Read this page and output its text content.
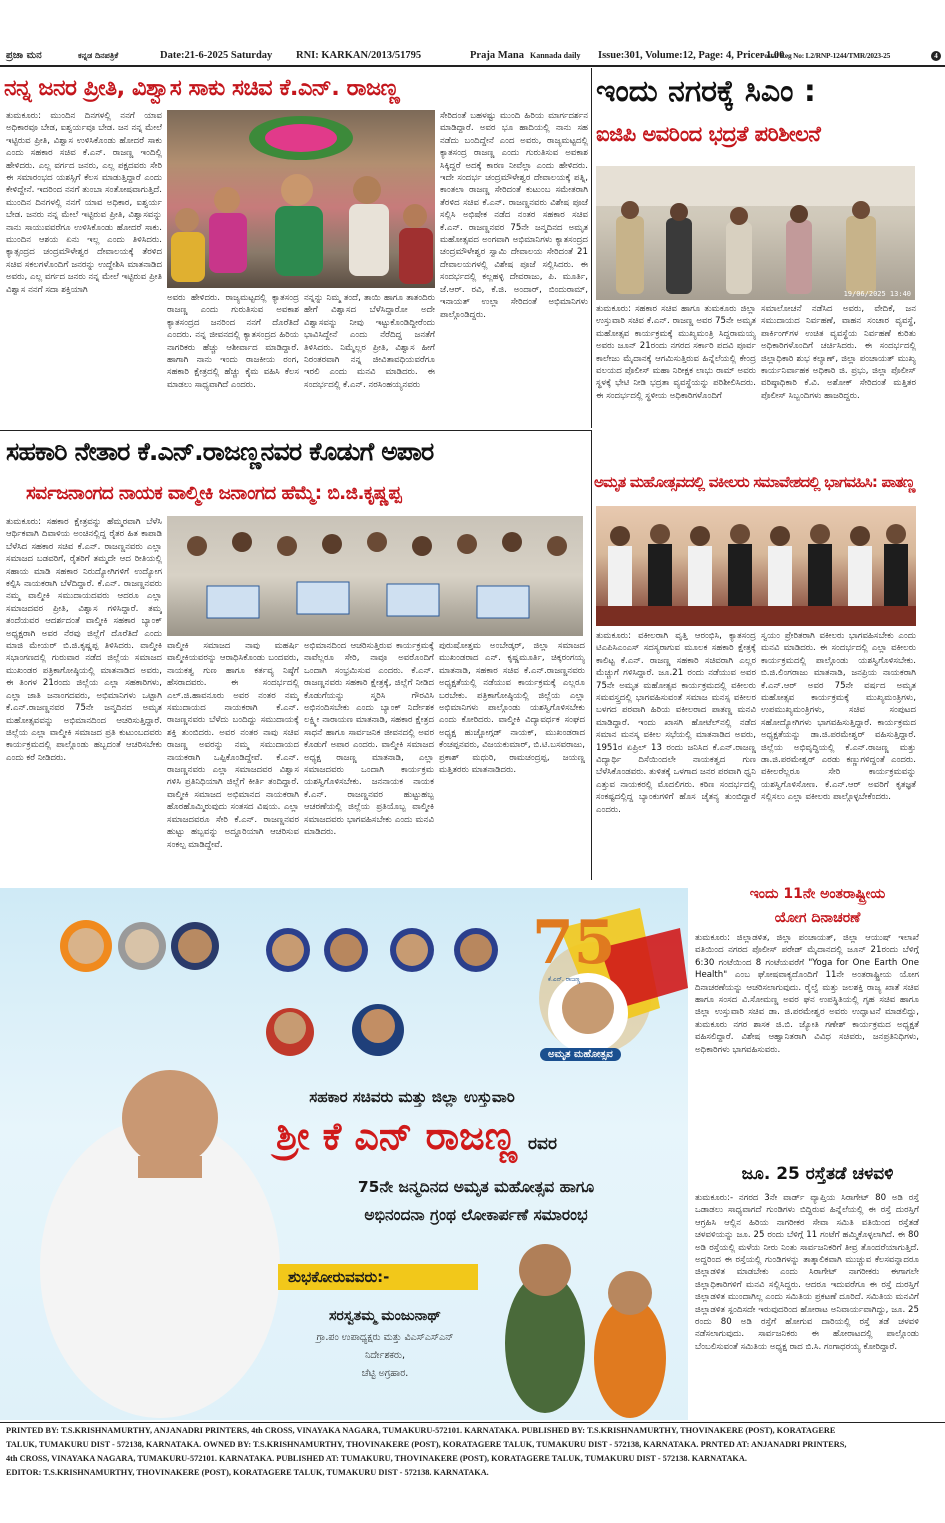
ಪ್ರಜಾ ಮನ	ಕನ್ನಡ ದಿನಪತ್ರಿಕೆ	Date:21-6-2025 Saturday RNI: KARKAN/2013/51795	Praja Mana Kannada daily Issue:301, Volume:12, Page: 4, Price: 1.00
Postal Reg No: L2/RNP-1244/TMR/2023-25	4
ನನ್ನ ಜನರ ಪ್ರೀತಿ, ವಿಶ್ವಾಸ ಸಾಕು ಸಚಿವ ಕೆ.ಎನ್. ರಾಜಣ್ಣ
ತುಮಕೂರು: ಮುಂದಿನ ದಿನಗಳಲ್ಲಿ ನನಗೆ ಯಾವ ಅಧಿಕಾರವೂ ಬೇಡ, ಐಶ್ವರ್ಯವೂ ಬೇಡ. ಜನ ನನ್ನ ಮೇಲೆ ಇಟ್ಟಿರುವ ಪ್ರೀತಿ, ವಿಶ್ವಾಸ ಉಳಿಸಿಕೊಂಡು ಹೋದರೆ ಸಾಕು ಎಂದು ಸಹಕಾರ ಸಚಿವ ಕೆ.ಎನ್. ರಾಜಣ್ಣ ಇಂದಿಲ್ಲಿ ಹೇಳಿದರು. ಎಲ್ಲ ವರ್ಗದ ಜನರು, ಎಲ್ಲ ಪಕ್ಷದವರು ಸೇರಿ ಈ ಸಮಾರಂಭದ ಯಶಸ್ಸಿಗೆ ಕೆಲಸ ಮಾಡುತ್ತಿದ್ದಾರೆ ಎಂದು ಕೇಳಿದ್ದೇನೆ. ಇದರಿಂದ ನನಗೆ ತುಂಬಾ ಸಂತೋಷವಾಗುತ್ತಿದೆ. ಮುಂದಿನ ದಿನಗಳಲ್ಲಿ ನನಗೆ ಯಾವ ಅಧಿಕಾರ, ಐಶ್ವರ್ಯ ಬೇಡ. ಜನರು ನನ್ನ ಮೇಲೆ ಇಟ್ಟಿರುವ ಪ್ರೀತಿ, ವಿಶ್ವಾಸವನ್ನು ನಾನು ಸಾಯುವವರೆಗೂ ಉಳಿಸಿಕೊಂಡು ಹೋದರೆ ಸಾಕು. ಮುಂದಿನ ಆಶಯ ಏನು ಇಲ್ಲ ಎಂದು ತಿಳಿಸಿದರು. ಕ್ಯಾತ್ಸಂದ್ರದ ಚಂದ್ರಮೌಳೇಶ್ವರ ದೇವಾಲಯಕ್ಕೆ ತೆರಳಿದ ಸಚಿವ ಸಕಲಗಳೊಂದಿಗೆ ಜನರನ್ನು ಉದ್ದೇಶಿಸಿ ಮಾತನಾಡಿದ ಅವರು, ಎಲ್ಲ ವರ್ಗದ ಜನರು ನನ್ನ ಮೇಲೆ ಇಟ್ಟಿರುವ ಪ್ರೀತಿ ವಿಶ್ವಾಸ ನನಗೆ ಸದಾ ಶಕ್ತಿಯಾಗಿ
ಅವರು ಹೇಳಿದರು. ರಾಜ್ಯಮಟ್ಟದಲ್ಲಿ ಕ್ಯಾತಸಂದ್ರ ರಾಜಣ್ಣ ಎಂದು ಗುರುತಿಸುವ ಅವಕಾಶ ಕ್ಯಾತಸಂದ್ರದ ಜನರಿಂದ ನನಗೆ ದೊರೆತಿದೆ ಎಂದರು. ನನ್ನ ಜೀವನದಲ್ಲಿ ಕ್ಯಾತಸಂದ್ರದ ಹಿರಿಯ ನಾಗರಿಕರು ಹೆಚ್ಚು ಆಶೀರ್ವಾದ ಮಾಡಿದ್ದಾರೆ. ಹಾಗಾಗಿ ನಾನು ಇಂದು ರಾಜಕೀಯ ರಂಗ, ಸಹಕಾರಿ ಕ್ಷೇತ್ರದಲ್ಲಿ ಹೆಚ್ಚು ಕೈಮ ವಹಿಸಿ ಕೆಲಸ ಮಾಡಲು ಸಾಧ್ಯವಾಗಿದೆ ಎಂದರು.
ನನ್ನನ್ನು ನಿಮ್ಮ ತಂದೆ, ತಾಯಿ ಹಾಗೂ ತಾತಂದಿರು ಹೇಗೆ ವಿಶ್ವಾಸದ ಬೆಳೆಸಿದ್ದಾರೋ ಅದೇ ವಿಶ್ವಾಸವನ್ನು ನೀವು ಇಟ್ಟುಕೊಂಡಿದ್ದೀರೆಂದು ಭಾವಿಸಿದ್ದೇನೆ ಎಂದು ನೆರೆದಿದ್ದ ಜನತೆಗೆ ತಿಳಿಸಿದರು. ನಿಮ್ಮೆಲ್ಲರ ಪ್ರೀತಿ, ವಿಶ್ವಾಸ ಹೀಗೆ ನಿರಂತರವಾಗಿ ನನ್ನ ಜೀವಿತಾವಧಿಯವರೆಗೂ ಇರಲಿ ಎಂದು ಮನವಿ ಮಾಡಿದರು. ಈ ಸಂದರ್ಭದಲ್ಲಿ ಕೆ.ಎನ್. ನರಸಿಂಹಯ್ಯನವರು
ಸೇರಿದಂತೆ ಬಹಳಷ್ಟು ಮುಂದಿ ಹಿರಿಯ ಮಾರ್ಗದರ್ಶನ ಮಾಡಿದ್ದಾರೆ. ಅವರ ಭೂ ಹಾದಿಯಲ್ಲಿ ನಾನು ಸಹ ನಡೆದು ಬಂದಿದ್ದೇನೆ ಎಂದ ಅವರು, ರಾಜ್ಯಮಟ್ಟದಲ್ಲಿ ಕ್ಯಾತಸಂದ್ರ ರಾಜಣ್ಣ ಎಂದು ಗುರುತಿಸುವ ಅವಕಾಶ ಸಿಕ್ಕಿದ್ದರೆ ಅದಕ್ಕೆ ಕಾರಣ ನೀವೆಲ್ಲಾ ಎಂದು ಹೇಳಿದರು. ಇದೇ ಸಂದರ್ಭ ಚಂದ್ರಮೌಳೇಶ್ವರ ದೇವಾಲಯಕ್ಕೆ ಪತ್ನಿ, ಕಾಂತಲಾ ರಾಜಣ್ಣ ಸೇರಿದಂತೆ ಕುಟುಂಬ ಸಮೇತರಾಗಿ ತೆರಳಿದ ಸಚಿವ ಕೆ.ಎನ್. ರಾಜಣ್ಣನವರು ವಿಶೇಷ ಪೂಜೆ ಸಲ್ಲಿಸಿ ಅಭಿಷೇಕ ನಡೆದ ನಂತರ ಸಹಕಾರ ಸಚಿವ ಕೆ.ಎನ್. ರಾಜಣ್ಣನವರ 75ನೇ ಜನ್ಮದಿನದ ಅಮೃತ ಮಹೋತ್ಸವದ ಅಂಗವಾಗಿ ಅಭಿಮಾನಿಗಳು ಕ್ಯಾತಸಂದ್ರದ ಚಂದ್ರಮೌಳೇಶ್ವರ ಸ್ವಾಮಿ ದೇವಾಲಯ ಸೇರಿದಂತೆ 21 ದೇವಾಲಯಗಳಲ್ಲಿ ವಿಶೇಷ ಪೂಜೆ ಸಲ್ಲಿಸಿದರು. ಈ ಸಂದರ್ಭದಲ್ಲಿ ಕಲ್ಲಹಳ್ಳಿ ದೇವರಾಜು, ಪಿ. ಮೂರ್ತಿ, ಜೆ.ಆರ್. ರವಿ, ಕೆ.ಜಿ. ಅಂದಾರ್, ಬಿಂದುರಾಮ್, ಇನಾಯತ್ ಉಲ್ಲಾ ಸೇರಿದಂತೆ ಅಭಿಮಾನಿಗಳು ಪಾಲ್ಗೊಂಡಿದ್ದರು.
ಇಂದು ನಗರಕ್ಕೆ ಸಿಎಂ :
ಐಜಿಪಿ ಅವರಿಂದ ಭದ್ರತೆ ಪರಿಶೀಲನೆ
19/06/2025 13:40
ತುಮಕೂರು: ಸಹಕಾರ ಸಚಿವ ಹಾಗೂ ತುಮಕೂರು ಜಿಲ್ಲಾ ಉಸ್ತುವಾರಿ ಸಚಿವ ಕೆ.ಎನ್. ರಾಜಣ್ಣ ಅವರ 75ನೇ ಅಮೃತ ಮಹೋತ್ಸವ ಕಾರ್ಯಕ್ರಮಕ್ಕೆ ಮುಖ್ಯಮಂತ್ರಿ ಸಿದ್ದರಾಮಯ್ಯ ಅವರು ಜೂನ್ 21ರಂದು ನಗರದ ಸರ್ಕಾರಿ ಪದವಿ ಪೂರ್ವ ಕಾಲೇಜು ಮೈದಾನಕ್ಕೆ ಆಗಮಿಸುತ್ತಿರುವ ಹಿನ್ನೆಲೆಯಲ್ಲಿ ಕೇಂದ್ರ ವಲಯದ ಪೊಲೀಸ್ ಮಹಾ ನಿರೀಕ್ಷಕ ಲಾಭು ರಾಮ್ ಅವರು ಸ್ಥಳಕ್ಕೆ ಭೇಟಿ ನೀಡಿ ಭದ್ರತಾ ವ್ಯವಸ್ಥೆಯನ್ನು ಪರಿಶೀಲಿಸಿದರು. ಈ ಸಂದರ್ಭದಲ್ಲಿ ಸ್ಥಳೀಯ ಅಧಿಕಾರಿಗಳೊಂದಿಗೆ
ಸಮಾಲೋಚನೆ ನಡೆಸಿದ ಅವರು, ವೇದಿಕೆ, ಜನ ಸಮುದಾಯದ ನಿರ್ವಹಣೆ, ವಾಹನ ಸಂಚಾರ ವ್ಯವಸ್ಥೆ, ಪಾರ್ಕಿಂಗ್‌ಗಳ ಉಚಿತ ವ್ಯವಸ್ಥೆಯ ನಿರ್ವಹಣೆ ಕುರಿತು ಅಧಿಕಾರಿಗಳೊಂದಿಗೆ ಚರ್ಚಿಸಿದರು. ಈ ಸಂದರ್ಭದಲ್ಲಿ ಜಿಲ್ಲಾಧಿಕಾರಿ ಶುಭ ಕಲ್ಯಾಣ್, ಜಿಲ್ಲಾ ಪಂಚಾಯತ್ ಮುಖ್ಯ ಕಾರ್ಯನಿರ್ವಾಹಕ ಅಧಿಕಾರಿ ಜಿ. ಪ್ರಭು, ಜಿಲ್ಲಾ ಪೊಲೀಸ್ ವರಿಷ್ಠಾಧಿಕಾರಿ ಕೆ.ವಿ. ಅಶೋಕ್ ಸೇರಿದಂತೆ ಮತ್ತಿತರ ಪೊಲೀಸ್ ಸಿಬ್ಬಂದಿಗಳು ಹಾಜರಿದ್ದರು.
ಸಹಕಾರಿ ನೇತಾರ ಕೆ.ಎನ್.ರಾಜಣ್ಣನವರ ಕೊಡುಗೆ ಅಪಾರ
ಸರ್ವಜನಾಂಗದ ನಾಯಕ ವಾಲ್ಮೀಕಿ ಜನಾಂಗದ ಹೆಮ್ಮೆ: ಬಿ.ಜಿ.ಕೃಷ್ಣಪ್ಪ
ತುಮಕೂರು: ಸಹಕಾರ ಕ್ಷೇತ್ರವನ್ನು ಹೆಮ್ಮರವಾಗಿ ಬೆಳೆಸಿ ಆರ್ಥಿಕವಾಗಿ ದಿವಾಳಿಯ ಅಂಚಿನಲ್ಲಿದ್ದ ರೈತರ ಹಿತ ಕಾಪಾಡಿ ಬೆಳೆಸಿದ ಸಹಕಾರ ಸಚಿವ ಕೆ.ಎನ್. ರಾಜಣ್ಣನವರು ಎಲ್ಲಾ ಸಮಾಜದ ಬಡವರಿಗೆ, ರೈತರಿಗೆ ತಮ್ಮದೇ ಆದ ರೀತಿಯಲ್ಲಿ ಸಹಾಯ ಮಾಡಿ ಸಹಕಾರ ನಿರುದ್ಯೋಗಿಗಳಿಗೆ ಉದ್ಯೋಗ ಕಲ್ಪಿಸಿ ನಾಯಕರಾಗಿ ಬೆಳೆದಿದ್ದಾರೆ. ಕೆ.ಎನ್. ರಾಜಣ್ಣನವರು ನಮ್ಮ ವಾಲ್ಮೀಕಿ ಸಮುದಾಯದವರು ಆದರೂ ಎಲ್ಲಾ ಸಮಾಜದವರ ಪ್ರೀತಿ, ವಿಶ್ವಾಸ ಗಳಿಸಿದ್ದಾರೆ. ತಮ್ಮ ತಂದೆಯವರ ಆದರ್ಶದಂತೆ ವಾಲ್ಮೀಕಿ ಸಹಕಾರ ಬ್ಯಾಂಕ್ ಅಧ್ಯಕ್ಷರಾಗಿ ಅವರ ನೆರವು ಜಿಲ್ಲೆಗೆ ದೊರೆತಿದೆ ಎಂದು ಮಾಜಿ ಮೇಯರ್ ಬಿ.ಜಿ.ಕೃಷ್ಣಪ್ಪ ತಿಳಿಸಿದರು. ವಾಲ್ಮೀಕಿ ಸಭಾಂಗಣದಲ್ಲಿ ಗುರುವಾರ ನಡೆದ ಜಿಲ್ಲೆಯ ಸಮಾಜದ ಮುಖಂಡರ ಪತ್ರಿಕಾಗೋಷ್ಠಿಯಲ್ಲಿ ಮಾತನಾಡಿದ ಅವರು, ಈ ತಿಂಗಳ 21ರಂದು ಜಿಲ್ಲೆಯ ಎಲ್ಲಾ ಸಹಕಾರಿಗಳು, ಎಲ್ಲಾ ಜಾತಿ ಜನಾಂಗದವರು, ಅಭಿಮಾನಿಗಳು ಒಟ್ಟಾಗಿ ಕೆ.ಎನ್.ರಾಜಣ್ಣನವರ 75ನೇ ಜನ್ಮದಿನದ ಅಮೃತ ಮಹೋತ್ಸವವನ್ನು ಅಭಿಮಾನದಿಂದ ಆಚರಿಸುತ್ತಿದ್ದಾರೆ. ಜಿಲ್ಲೆಯ ಎಲ್ಲಾ ವಾಲ್ಮೀಕಿ ಸಮಾಜದ ಪ್ರತಿ ಕುಟುಂಬದವರು ಕಾರ್ಯಕ್ರಮದಲ್ಲಿ ಪಾಲ್ಗೊಂಡು ಹಬ್ಬದಂತೆ ಆಚರಿಸಬೇಕು ಎಂದು ಕರೆ ನೀಡಿದರು.
ವಾಲ್ಮೀಕಿ ಸಮಾಜದ ನಾವು ಮಹರ್ಷಿ ವಾಲ್ಮೀಕಿಯವರನ್ನು ಆರಾಧಿಸಿಕೊಂಡು ಬಂದವರು, ನಾಯಕತ್ವ ಗುಣ ಹಾಗೂ ಕರ್ತವ್ಯ ನಿಷ್ಠೆಗೆ ಹೆಸರಾದವರು. ಈ ಸಂದರ್ಭದಲ್ಲಿ ಎಲ್.ಜಿ.ಹಾವನೂರು ಅವರ ನಂತರ ನಮ್ಮ ಸಮುದಾಯದ ನಾಯಕರಾಗಿ ಕೆ.ಎನ್. ರಾಜಣ್ಣನವರು ಬೆಳೆದು ಬಂದಿದ್ದು ಸಮುದಾಯಕ್ಕೆ ಶಕ್ತಿ ತುಂಬಿದರು. ಅವರ ನಂತರ ನಾವು ಸಚಿವ ರಾಜಣ್ಣ ಅವರನ್ನು ನಮ್ಮ ಸಮುದಾಯದ ನಾಯಕರಾಗಿ ಒಪ್ಪಿಕೊಂಡಿದ್ದೇವೆ. ಕೆ.ಎನ್. ರಾಜಣ್ಣನವರು ಎಲ್ಲಾ ಸಮಾಜದವರ ವಿಶ್ವಾಸ ಗಳಿಸಿ ಪ್ರತಿನಿಧಿಯಾಗಿ ಜಿಲ್ಲೆಗೆ ಕೀರ್ತಿ ತಂದಿದ್ದಾರೆ. ವಾಲ್ಮೀಕಿ ಸಮಾಜದ ಅಭಿಮಾನದ ನಾಯಕರಾಗಿ ಹೊರಹೊಮ್ಮಿರುವುದು ಸಂತಸದ ವಿಷಯ. ಎಲ್ಲಾ ಸಮಾಜದವರೂ ಸೇರಿ ಕೆ.ಎನ್. ರಾಜಣ್ಣನವರ ಹುಟ್ಟು ಹಬ್ಬವನ್ನು ಅದ್ದೂರಿಯಾಗಿ ಆಚರಿಸುವ ಸಂಕಲ್ಪ ಮಾಡಿದ್ದೇವೆ.
ಅಭಿಮಾನದಿಂದ ಆಚರಿಸುತ್ತಿರುವ ಕಾರ್ಯಕ್ರಮಕ್ಕೆ ನಾವೆಲ್ಲರೂ ಸೇರಿ, ನಾವೂ ಅವರೊಂದಿಗೆ ಒಂದಾಗಿ ಸಂಭ್ರಮಿಸುವ ಎಂದರು. ಕೆ.ಎನ್. ರಾಜಣ್ಣನವರು ಸಹಕಾರಿ ಕ್ಷೇತ್ರಕ್ಕೆ, ಜಿಲ್ಲೆಗೆ ನೀಡಿದ ಕೊಡುಗೆಯನ್ನು ಸ್ಮರಿಸಿ ಗೌರವಿಸಿ ಅಭಿನಂದಿಸಬೇಕು ಎಂದು ಬ್ಯಾಂಕ್ ನಿರ್ದೇಶಕ ಲಕ್ಷ್ಮೀ ನಾರಾಯಣ ಮಾತನಾಡಿ, ಸಹಕಾರ ಕ್ಷೇತ್ರದ ಸಾಧನೆ ಹಾಗೂ ಸಾರ್ವಜನಿಕ ಜೀವನದಲ್ಲಿ ಅವರ ಕೊಡುಗೆ ಅಪಾರ ಎಂದರು. ವಾಲ್ಮೀಕಿ ಸಮಾಜದ ಅಧ್ಯಕ್ಷ ರಾಜಣ್ಣ ಮಾತನಾಡಿ, ಎಲ್ಲಾ ಸಮಾಜದವರು ಒಂದಾಗಿ ಕಾರ್ಯಕ್ರಮ ಯಶಸ್ವಿಗೊಳಿಸಬೇಕು. ಜನನಾಯಕ ನಾಯಕ ಕೆ.ಎನ್. ರಾಜಣ್ಣನವರ ಹುಟ್ಟುಹಬ್ಬ ಆಚರಣೆಯಲ್ಲಿ ಜಿಲ್ಲೆಯ ಪ್ರತಿಯೊಬ್ಬ ವಾಲ್ಮೀಕಿ ಸಮಾಜದವರು ಭಾಗವಹಿಸಬೇಕು ಎಂದು ಮನವಿ ಮಾಡಿದರು.
ಪುರುಷೋತ್ತಮ ಅಂಬೇಡ್ಕರ್, ಜಿಲ್ಲಾ ಸಮಾಜದ ಮುಖಂಡರಾದ ಎನ್. ಕೃಷ್ಣಮೂರ್ತಿ, ಚಿಕ್ಕರಂಗಯ್ಯ ಮಾತನಾಡಿ, ಸಹಕಾರ ಸಚಿವ ಕೆ.ಎನ್.ರಾಜಣ್ಣನವರು ಅಧ್ಯಕ್ಷತೆಯಲ್ಲಿ ನಡೆಯುವ ಕಾರ್ಯಕ್ರಮಕ್ಕೆ ಎಲ್ಲರೂ ಬರಬೇಕು. ಪತ್ರಿಕಾಗೋಷ್ಠಿಯಲ್ಲಿ ಜಿಲ್ಲೆಯ ಎಲ್ಲಾ ಅಭಿಮಾನಿಗಳು ಪಾಲ್ಗೊಂಡು ಯಶಸ್ವಿಗೊಳಿಸಬೇಕು ಎಂದು ಕೋರಿದರು. ವಾಲ್ಮೀಕಿ ವಿದ್ಯಾವರ್ಧಕ ಸಂಘದ ಅಧ್ಯಕ್ಷ ಹುಚ್ಚೋಗ್ಗಡ್ ನಾಯಕ್, ಮುಖಂಡರಾದ ಕೆಂಚಪ್ಪನವರು, ವಿಜಯಕುಮಾರ್, ಬಿ.ಟಿ.ಬಸವರಾಜು, ಪ್ರಕಾಶ್ ಮಧುರಿ, ರಾಮಚಂದ್ರಪ್ಪ, ಜಯಣ್ಣ ಮತ್ತಿತರರು ಮಾತನಾಡಿದರು.
ಅಮೃತ ಮಹೋತ್ಸವದಲ್ಲಿ ವಕೀಲರು ಸಮಾವೇಶದಲ್ಲಿ ಭಾಗವಹಿಸಿ: ಪಾತಣ್ಣ
ತುಮಕೂರು: ವಕೀಲರಾಗಿ ವೃತ್ತಿ ಆರಂಭಿಸಿ, ಕ್ಯಾತಸಂದ್ರ ಟಿಎಪಿಸಿಎಂಎಸ್ ಸದಸ್ಯರಾಗುವ ಮೂಲಕ ಸಹಕಾರಿ ಕ್ಷೇತ್ರಕ್ಕೆ ಕಾಲಿಟ್ಟ ಕೆ.ಎನ್. ರಾಜಣ್ಣ ಸಹಕಾರಿ ಸಚಿವರಾಗಿ ಎಲ್ಲರ ಮೆಚ್ಚುಗೆ ಗಳಿಸಿದ್ದಾರೆ. ಜೂ.21 ರಂದು ನಡೆಯುವ ಅವರ 75ನೇ ಅಮೃತ ಮಹೋತ್ಸವ ಕಾರ್ಯಕ್ರಮದಲ್ಲಿ ವಕೀಲರು ಸಮವಸ್ತ್ರದಲ್ಲಿ ಭಾಗವಹಿಸುವಂತೆ ಸಮಾಜ ಮನಸ್ಸ ವಕೀಲರ ಬಳಗದ ಪರವಾಗಿ ಹಿರಿಯ ವಕೀಲರಾದ ಪಾತಣ್ಣ ಮನವಿ ಮಾಡಿದ್ದಾರೆ. ಇಂದು ಖಾಸಗಿ ಹೋಟೆಲ್‌ನಲ್ಲಿ ನಡೆದ ಸಮಾನ ಮನಸ್ಕ ವಕೀಲ ಸಭೆಯಲ್ಲಿ ಮಾತನಾಡಿದ ಅವರು, 1951ರ ಏಪ್ರಿಲ್ 13 ರಂದು ಜನಿಸಿದ ಕೆ.ಎನ್.ರಾಜಣ್ಣ ವಿದ್ಯಾರ್ಥಿ ದಿಸೆಯಿಂದಲೇ ನಾಯಕತ್ವದ ಗುಣ ಬೆಳೆಸಿಕೊಂಡವರು. ತುಳಿತಕ್ಕೆ ಒಳಗಾದ ಜನರ ಪರವಾಗಿ ಧ್ವನಿ ಎತ್ತುವ ನಾಯಕರಲ್ಲಿ ಮೊದಲಿಗರು. ಕಠಿಣ ಸಂದರ್ಭದಲ್ಲಿ ಸಂಕಷ್ಟದಲ್ಲಿದ್ದ ಬ್ಯಾಂಕುಗಳಿಗೆ ಹೊಸ ಚೈತನ್ಯ ತುಂಬಿದ್ದಾರೆ ಎಂದರು.
ಸ್ವಯಂ ಪ್ರೇರಿತರಾಗಿ ವಕೀಲರು ಭಾಗವಹಿಸಬೇಕು ಎಂದು ಮನವಿ ಮಾಡಿದರು. ಈ ಸಂದರ್ಭದಲ್ಲಿ ಎಲ್ಲಾ ವಕೀಲರು ಕಾರ್ಯಕ್ರಮದಲ್ಲಿ ಪಾಲ್ಗೊಂಡು ಯಶಸ್ವಿಗೊಳಿಸಬೇಕು. ಬಿ.ಜಿ.ಲಿಂಗರಾಜು ಮಾತನಾಡಿ, ಜನಪ್ರಿಯ ನಾಯಕರಾಗಿ ಕೆ.ಎನ್.ಆರ್ ಅವರ 75ನೇ ವರ್ಷದ ಅಮೃತ ಮಹೋತ್ಸವ ಕಾರ್ಯಕ್ರಮಕ್ಕೆ ಮುಖ್ಯಮಂತ್ರಿಗಳು, ಉಪಮುಖ್ಯಮಂತ್ರಿಗಳು, ಸಚಿವ ಸಂಪುಟದ ಸಹೋದ್ಯೋಗಿಗಳು ಭಾಗವಹಿಸುತ್ತಿದ್ದಾರೆ. ಕಾರ್ಯಕ್ರಮದ ಅಧ್ಯಕ್ಷತೆಯನ್ನು ಡಾ.ಜಿ.ಪರಮೇಶ್ವರ್ ವಹಿಸುತ್ತಿದ್ದಾರೆ. ಜಿಲ್ಲೆಯ ಅಭಿವೃದ್ಧಿಯಲ್ಲಿ ಕೆ.ಎನ್.ರಾಜಣ್ಣ ಮತ್ತು ಡಾ.ಜಿ.ಪರಮೇಶ್ವರ್ ಎರಡು ಕಣ್ಣುಗಳಿದ್ದಂತೆ ಎಂದರು. ವಕೀಲರೆಲ್ಲರೂ ಸೇರಿ ಕಾರ್ಯಕ್ರಮವನ್ನು ಯಶಸ್ವಿಗೊಳಿಸೋಣ. ಕೆ.ಎನ್.ಆರ್ ಅವರಿಗೆ ಕೃತಜ್ಞತೆ ಸಲ್ಲಿಸಲು ಎಲ್ಲಾ ವಕೀಲರು ಪಾಲ್ಗೊಳ್ಳಬೇಕೆಂದರು.
75
ಕೆ.ಎನ್. ರಾಜಣ್ಣ
ಅಮೃತ ಮಹೋತ್ಸವ
ಸಹಕಾರ ಸಚಿವರು ಮತ್ತು ಜಿಲ್ಲಾ ಉಸ್ತುವಾರಿ
ಶ್ರೀ ಕೆ ಎನ್ ರಾಜಣ್ಣ ರವರ
75ನೇ ಜನ್ಮದಿನದ ಅಮೃತ ಮಹೋತ್ಸವ ಹಾಗೂ
ಅಭಿನಂದನಾ ಗ್ರಂಥ ಲೋಕಾರ್ಪಣೆ ಸಮಾರಂಭ
ಶುಭಕೋರುವವರು:-
ಸರಸ್ವತಮ್ಮ ಮಂಜುನಾಥ್
ಗ್ರಾ.ಪಂ ಉಪಾಧ್ಯಕ್ಷರು ಮತ್ತು ವಿಎಸ್ಎಸ್ಎನ್
ನಿರ್ದೇಶಕರು,
ಚೆಟ್ಟಿ ಅಗ್ರಹಾರ.
ಇಂದು 11ನೇ ಅಂತರಾಷ್ಟ್ರೀಯ
ಯೋಗ ದಿನಾಚರಣೆ
ತುಮಕೂರು: ಜಿಲ್ಲಾಡಳಿತ, ಜಿಲ್ಲಾ ಪಂಚಾಯತ್, ಜಿಲ್ಲಾ ಆಯುಷ್ ಇಲಾಖೆ ವತಿಯಿಂದ ನಗರದ ಪೊಲೀಸ್ ಪರೇಡ್ ಮೈದಾನದಲ್ಲಿ ಜೂನ್ 21ರಂದು ಬೆಳಿಗ್ಗೆ 6:30 ಗಂಟೆಯಿಂದ 8 ಗಂಟೆಯವರೆಗೆ "Yoga for One Earth One Health" ಎಂಬ ಘೋಷವಾಕ್ಯದೊಂದಿಗೆ 11ನೇ ಅಂತರಾಷ್ಟ್ರೀಯ ಯೋಗ ದಿನಾಚರಣೆಯನ್ನು ಆಚರಿಸಲಾಗುವುದು. ರೈಲ್ವೆ ಮತ್ತು ಜಲಶಕ್ತಿ ರಾಜ್ಯ ಖಾತೆ ಸಚಿವ ಹಾಗೂ ಸಂಸದ ವಿ.ಸೋಮಣ್ಣ ಅವರ ಘನ ಉಪಸ್ಥಿತಿಯಲ್ಲಿ ಗೃಹ ಸಚಿವ ಹಾಗೂ ಜಿಲ್ಲಾ ಉಸ್ತುವಾರಿ ಸಚಿವ ಡಾ. ಜಿ.ಪರಮೇಶ್ವರ ಅವರು ಉದ್ಘಾಟನೆ ಮಾಡಲಿದ್ದು, ತುಮಕೂರು ನಗರ ಶಾಸಕ ಜಿ.ಬಿ. ಜ್ಯೋತಿ ಗಣೇಶ್ ಕಾರ್ಯಕ್ರಮದ ಅಧ್ಯಕ್ಷತೆ ವಹಿಸಲಿದ್ದಾರೆ. ವಿಶೇಷ ಆಹ್ವಾನಿತರಾಗಿ ವಿವಿಧ ಸಚಿವರು, ಜನಪ್ರತಿನಿಧಿಗಳು, ಅಧಿಕಾರಿಗಳು ಭಾಗವಹಿಸುವರು.
ಜೂ. 25 ರಸ್ತೆತಡೆ ಚಳವಳಿ
ತುಮಕೂರು:- ನಗರದ 3ನೇ ವಾರ್ಡ್ ವ್ಯಾಪ್ತಿಯ ಸಿರಾಗೇಟ್ 80 ಅಡಿ ರಸ್ತೆ ಒಡಾಡಲು ಸಾಧ್ಯವಾಗದೆ ಗುಂಡಿಗಳು ಬಿದ್ದಿರುವ ಹಿನ್ನೆಲೆಯಲ್ಲಿ ಈ ರಸ್ತೆ ದುರಸ್ತಿಗೆ ಆಗ್ರಹಿಸಿ ಆಲ್ಲಿನ ಹಿರಿಯ ನಾಗರೀಕರ ಸೇವಾ ಸಮಿತಿ ವತಿಯಿಂದ ರಸ್ತೆತಡೆ ಚಳವಳಿಯನ್ನು ಜೂ. 25 ರಂದು ಬೆಳಿಗ್ಗೆ 11 ಗಂಟೆಗೆ ಹಮ್ಮಿಕೊಳ್ಳಲಾಗಿದೆ. ಈ 80 ಅಡಿ ರಸ್ತೆಯಲ್ಲಿ ಮಳೆಯ ನೀರು ನಿಂತು ಸಾರ್ವಜನಿಕರಿಗೆ ತೀವ್ರ ತೊಂದರೆಯಾಗುತ್ತಿದೆ. ಅದ್ದರಿಂದ ಈ ರಸ್ತೆಯಲ್ಲಿ ಗುಂಡಿಗಳನ್ನು ತಾತ್ಕಾಲಿಕವಾಗಿ ಮುಚ್ಚುವ ಕೆಲಸವನ್ನಾದರೂ ಜಿಲ್ಲಾಡಳಿತ ಮಾಡಬೇಕು ಎಂದು ಸಿರಾಗೇಟ್ ನಾಗರೀಕರು ಈಗಾಗಲೇ ಜಿಲ್ಲಾಧಿಕಾರಿಗಳಿಗೆ ಮನವಿ ಸಲ್ಲಿಸಿದ್ದರು. ಆದರೂ ಇದುವರೆಗೂ ಈ ರಸ್ತೆ ದುರಸ್ತಿಗೆ ಜಿಲ್ಲಾಡಳಿತ ಮುಂದಾಗಿಲ್ಲ ಎಂದು ಸಮಿತಿಯ ಪ್ರಕಟಣೆ ದೂರಿದೆ. ಸಮಿತಿಯ ಮನವಿಗೆ ಜಿಲ್ಲಾಡಳಿತ ಸ್ಪಂದಿಸದೇ ಇರುವುದರಿಂದ ಹೋರಾಟ ಅನಿವಾರ್ಯವಾಗಿದ್ದು, ಜೂ. 25 ರಂದು 80 ಅಡಿ ರಸ್ತೆಗೆ ಹೋಗುವ ದಾರಿಯಲ್ಲಿ ರಸ್ತೆ ತಡೆ ಚಳವಳಿ ನಡೆಸಲಾಗುವುದು. ಸಾರ್ವಜನಿಕರು ಈ ಹೋರಾಟದಲ್ಲಿ ಪಾಲ್ಗೊಂಡು ಬೆಂಬಲಿಸುವಂತೆ ಸಮಿತಿಯ ಅಧ್ಯಕ್ಷ ರಾದ ಬಿ.ಸಿ. ಗಂಗಾಧರಯ್ಯ ಕೋರಿದ್ದಾರೆ.
PRINTED BY: T.S.KRISHNAMURTHY, ANJANADRI PRINTERS, 4th CROSS, VINAYAKA NAGARA, TUMAKURU-572101. KARNATAKA. PUBLISHED BY: T.S.KRISHNAMURTHY, THOVINAKERE (POST), KORATAGERE
TALUK, TUMAKURU DIST - 572138, KARNATAKA. OWNED BY: T.S.KRISHNAMURTHY, THOVINAKERE (POST), KORATAGERE TALUK, TUMAKURU DIST - 572138, KARNATAKA. PRNTED AT: ANJANADRI PRINTERS,
4th CROSS, VINAYAKA NAGARA, TUMAKURU-572101. KARNATAKA. PUBLISHED AT: TUMAKURU, THOVINAKERE (POST), KORATAGERE TALUK, TUMAKURU DIST - 572138. KARNATAKA.
EDITOR: T.S.KRISHNAMURTHY, THOVINAKERE (POST), KORATAGERE TALUK, TUMAKURU DIST - 572138. KARNATAKA.
